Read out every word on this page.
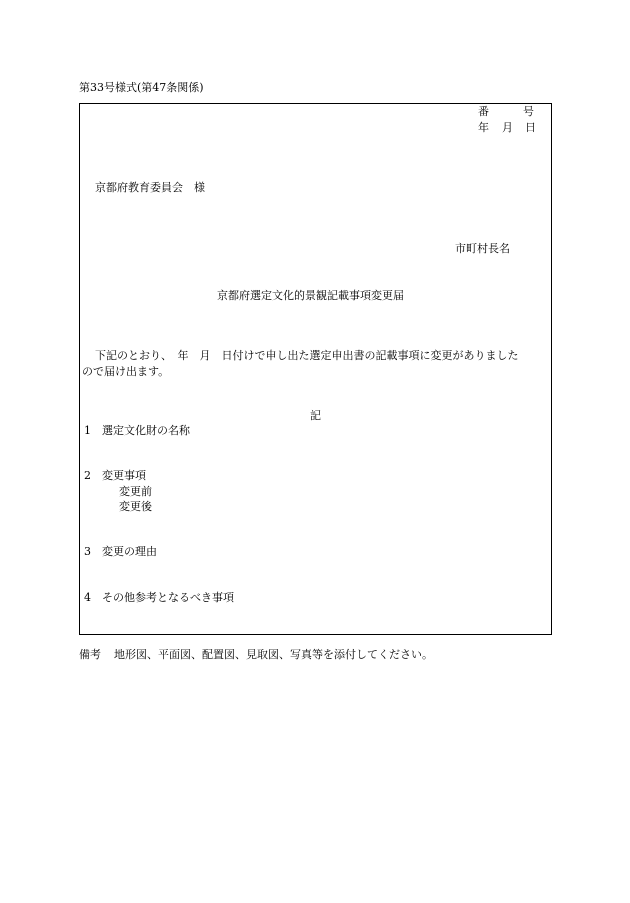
第33号様式(第47条関係)
番	号
年 月 日
京都府教育委員会　様
市町村長名
京都府選定文化的景観記載事項変更届
下記のとおり、　年　月　日付けで申し出た選定申出書の記載事項に変更がありました
ので届け出ます。
記
1　選定文化財の名称
2　変更事項
変更前
変更後
3　変更の理由
4　その他参考となるべき事項
備考 地形図、平面図、配置図、見取図、写真等を添付してください。
